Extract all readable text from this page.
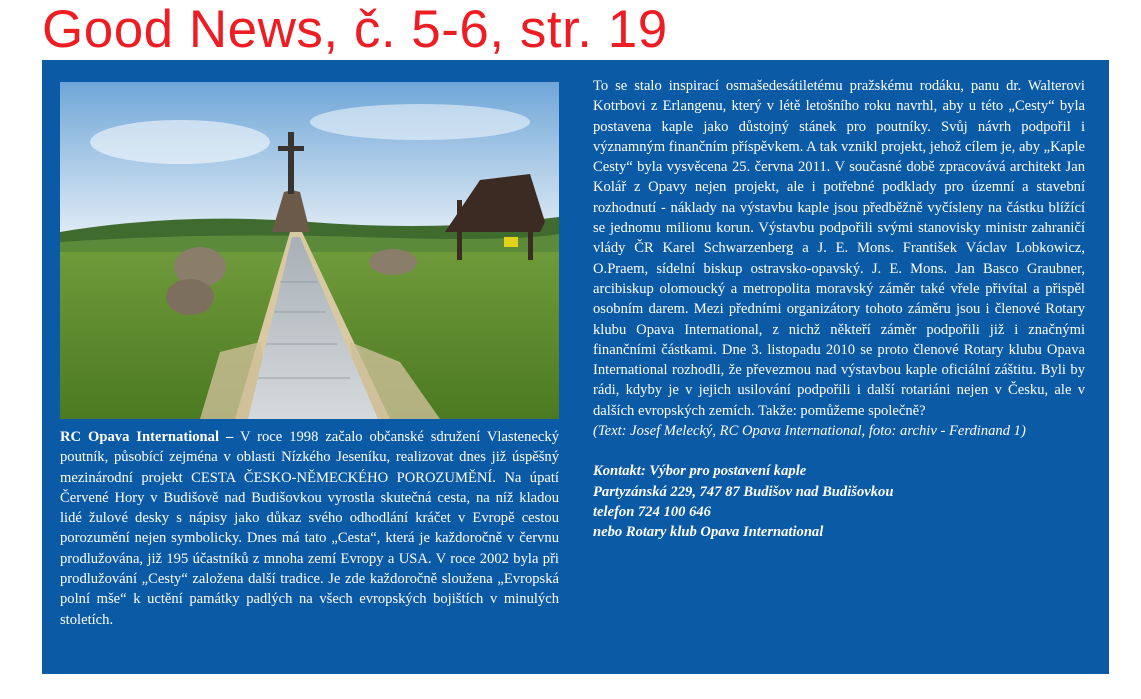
Good News, č. 5-6, str. 19

RC Opava International – V roce 1998 začalo občanské sdružení Vlastenecký poutník, působící zejména v oblasti Nízkého Jeseníku, realizovat dnes již úspěšný mezinárodní projekt CESTA ČESKO-NĚMECKÉHO POROZUMĚNÍ. Na úpatí Červené Hory v Budišově nad Budišovkou vyrostla skutečná cesta, na níž kladou lidé žulové desky s nápisy jako důkaz svého odhodlání kráčet v Evropě cestou porozumění nejen symbolicky. Dnes má tato „Cesta“, která je každoročně v červnu prodlužována, již 195 účastníků z mnoha zemí Evropy a USA. V roce 2002 byla při prodlužování „Cesty“ založena další tradice. Je zde každoročně sloužena „Evropská polní mše“ k uctění památky padlých na všech evropských bojištích v minulých stoletích.

To se stalo inspirací osmašedesátiletému pražskému rodáku, panu dr. Walterovi Kotrbovi z Erlangenu, který v létě letošního roku navrhl, aby u této „Cesty“ byla postavena kaple jako důstojný stánek pro poutníky. Svůj návrh podpořil i významným finančním příspěvkem. A tak vznikl projekt, jehož cílem je, aby „Kaple Cesty“ byla vysvěcena 25. června 2011. V současné době zpracovává architekt Jan Kolář z Opavy nejen projekt, ale i potřebné podklady pro územní a stavební rozhodnutí - náklady na výstavbu kaple jsou předběžně vyčísleny na částku blížící se jednomu milionu korun. Výstavbu podpořili svými stanovisky ministr zahraničí vlády ČR Karel Schwarzenberg a J. E. Mons. František Václav Lobkowicz, O.Praem, sídelní biskup ostravsko-opavský. J. E. Mons. Jan Basco Graubner, arcibiskup olomoucký a metropolita moravský záměr také vřele přivítal a přispěl osobním darem. Mezi předními organizátory tohoto záměru jsou i členové Rotary klubu Opava International, z nichž někteří záměr podpořili již i značnými finančními částkami. Dne 3. listopadu 2010 se proto členové Rotary klubu Opava International rozhodli, že převezmou nad výstavbou kaple oficiální záštitu. Byli by rádi, kdyby je v jejich usilování podpořili i další rotariáni nejen v Česku, ale v dalších evropských zemích. Takže: pomůžeme společně?

(Text: Josef Melecký, RC Opava International, foto: archiv - Ferdinand 1)

Kontakt: Výbor pro postavení kaple
Partyzánská 229, 747 87 Budišov nad Budišovkou
telefon 724 100 646
nebo Rotary klub Opava International
